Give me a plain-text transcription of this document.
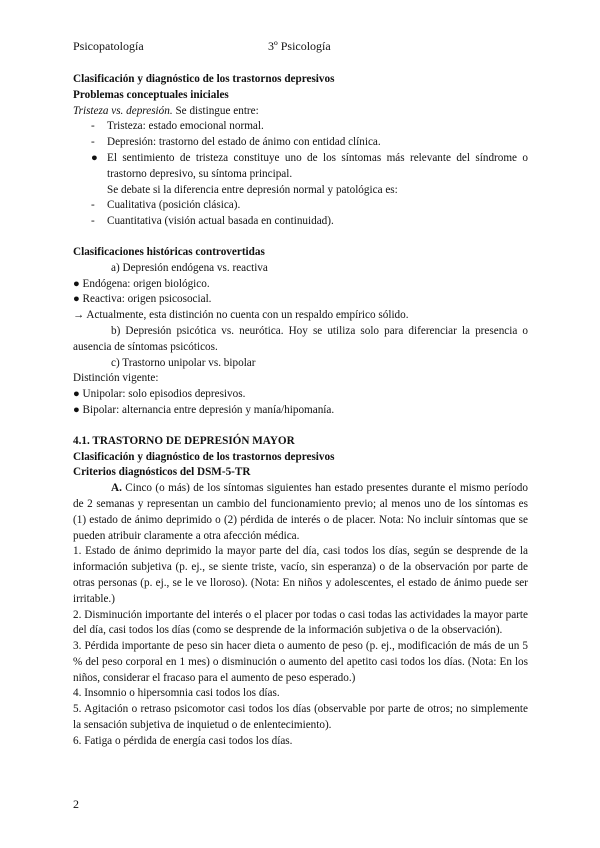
Psicopatología	3º Psicología

Clasificación y diagnóstico de los trastornos depresivos

Problemas conceptuales iniciales

Tristeza vs. depresión. Se distingue entre:

- Tristeza: estado emocional normal.
- Depresión: trastorno del estado de ánimo con entidad clínica.
● El sentimiento de tristeza constituye uno de los síntomas más relevante del síndrome o trastorno depresivo, su síntoma principal.

Se debate si la diferencia entre depresión normal y patológica es:

- Cualitativa (posición clásica).
- Cuantitativa (visión actual basada en continuidad).

Clasificaciones históricas controvertidas

a) Depresión endógena vs. reactiva

● Endógena: origen biológico.

● Reactiva: origen psicosocial.

→ Actualmente, esta distinción no cuenta con un respaldo empírico sólido.

b) Depresión psicótica vs. neurótica. Hoy se utiliza solo para diferenciar la presencia o ausencia de síntomas psicóticos.

c) Trastorno unipolar vs. bipolar

Distinción vigente:

● Unipolar: solo episodios depresivos.

● Bipolar: alternancia entre depresión y manía/hipomanía.

4.1. TRASTORNO DE DEPRESIÓN MAYOR

Clasificación y diagnóstico de los trastornos depresivos

Criterios diagnósticos del DSM-5-TR

A. Cinco (o más) de los síntomas siguientes han estado presentes durante el mismo período de 2 semanas y representan un cambio del funcionamiento previo; al menos uno de los síntomas es (1) estado de ánimo deprimido o (2) pérdida de interés o de placer. Nota: No incluir síntomas que se pueden atribuir claramente a otra afección médica.

1. Estado de ánimo deprimido la mayor parte del día, casi todos los días, según se desprende de la información subjetiva (p. ej., se siente triste, vacío, sin esperanza) o de la observación por parte de otras personas (p. ej., se le ve lloroso). (Nota: En niños y adolescentes, el estado de ánimo puede ser irritable.)

2. Disminución importante del interés o el placer por todas o casi todas las actividades la mayor parte del día, casi todos los días (como se desprende de la información subjetiva o de la observación).

3. Pérdida importante de peso sin hacer dieta o aumento de peso (p. ej., modificación de más de un 5 % del peso corporal en 1 mes) o disminución o aumento del apetito casi todos los días. (Nota: En los niños, considerar el fracaso para el aumento de peso esperado.)

4. Insomnio o hipersomnia casi todos los días.

5. Agitación o retraso psicomotor casi todos los días (observable por parte de otros; no simplemente la sensación subjetiva de inquietud o de enlentecimiento).

6. Fatiga o pérdida de energía casi todos los días.

2
